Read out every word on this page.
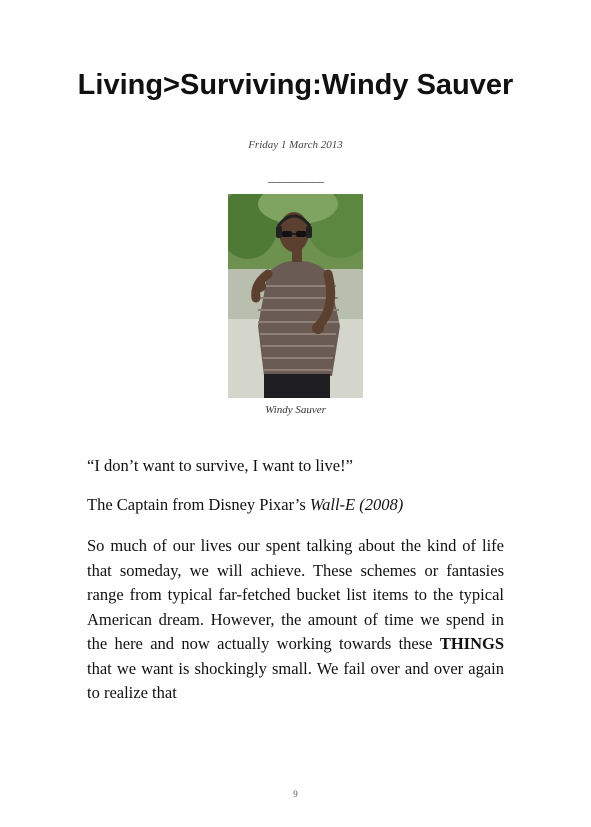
Living>Surviving:Windy Sauver
Friday 1 March 2013
___________
Windy Sauver
“I don’t want to survive, I want to live!”
The Captain from Disney Pixar’s Wall-E (2008)
So much of our lives our spent talking about the kind of life that someday, we will achieve. These schemes or fantasies range from typical far-fetched bucket list items to the typical American dream. However, the amount of time we spend in the here and now actually working towards these THINGS that we want is shockingly small. We fail over and over again to realize that
9
